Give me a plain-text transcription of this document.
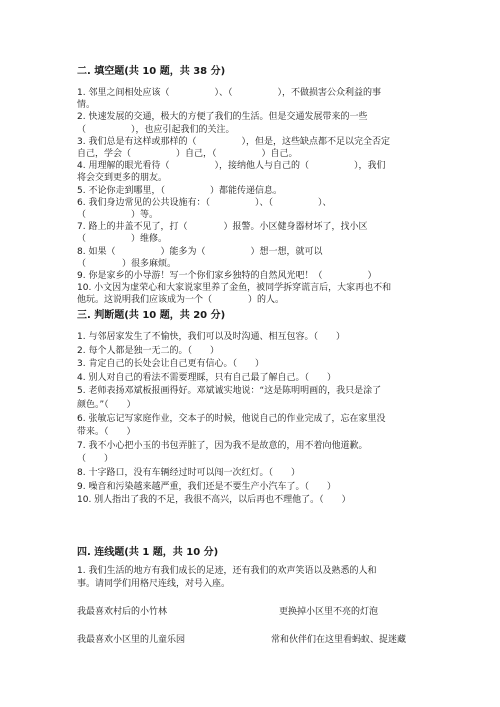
二. 填空题(共 10 题，共 38 分)
1. 邻里之间相处应该（　　　　　）、（　　　　　），不做损害公众利益的事
情。
2. 快速发展的交通，极大的方便了我们的生活。但是交通发展带来的一些
（　　　　　），也应引起我们的关注。
3. 我们总是有这样或那样的（　　　　　），但是，这些缺点都不足以完全否定
自己，学会（　　　　　）自己，（　　　　　）自己。
4. 用理解的眼光看待（　　　　　），接纳他人与自己的（　　　　　），我们
将会交到更多的朋友。
5. 不论你走到哪里，（　　　　　）都能传递信息。
6. 我们身边常见的公共设施有：（　　　　　）、（　　　　　）、
（　　　　　）等。
7. 路上的井盖不见了，打（　　　　）报警。小区健身器材坏了，找小区
（　　　　　）维修。
8. 如果（　　　　　）能多为（　　　　　）想一想，就可以
（　　　　）很多麻烦。
9. 你是家乡的小导游！写一个你们家乡独特的自然风光吧！（　　　　　）
10. 小文因为虚荣心和大家说家里养了金鱼，被同学拆穿谎言后，大家再也不和
他玩。这说明我们应该成为一个（　　　　）的人。
三. 判断题(共 10 题，共 20 分)
1. 与邻居家发生了不愉快，我们可以及时沟通、相互包容。（　　）
2. 每个人都是独一无二的。（　　）
3. 肯定自己的长处会让自己更有信心。（　　）
4. 别人对自己的看法不需要理睬，只有自己最了解自己。（　　）
5. 老师表扬邓斌板报画得好。邓斌诚实地说：“这是陈明明画的，我只是涂了
颜色。”（　　）
6. 张敏忘记写家庭作业，交本子的时候，他说自己的作业完成了，忘在家里没
带来。（　　）
7. 我不小心把小玉的书包弄脏了，因为我不是故意的，用不着向他道歉。
（　　）
8. 十字路口，没有车辆经过时可以闯一次红灯。（　　）
9. 噪音和污染越来越严重，我们还是不要生产小汽车了。（　　）
10. 别人指出了我的不足，我很不高兴，以后再也不理他了。（　　）
四. 连线题(共 1 题，共 10 分)
1. 我们生活的地方有我们成长的足迹，还有我们的欢声笑语以及熟悉的人和
事。请同学们用格尺连线，对号入座。
我最喜欢村后的小竹林
我最喜欢小区里的儿童乐园
更换掉小区里不亮的灯泡
常和伙伴们在这里看蚂蚁、捉迷藏
